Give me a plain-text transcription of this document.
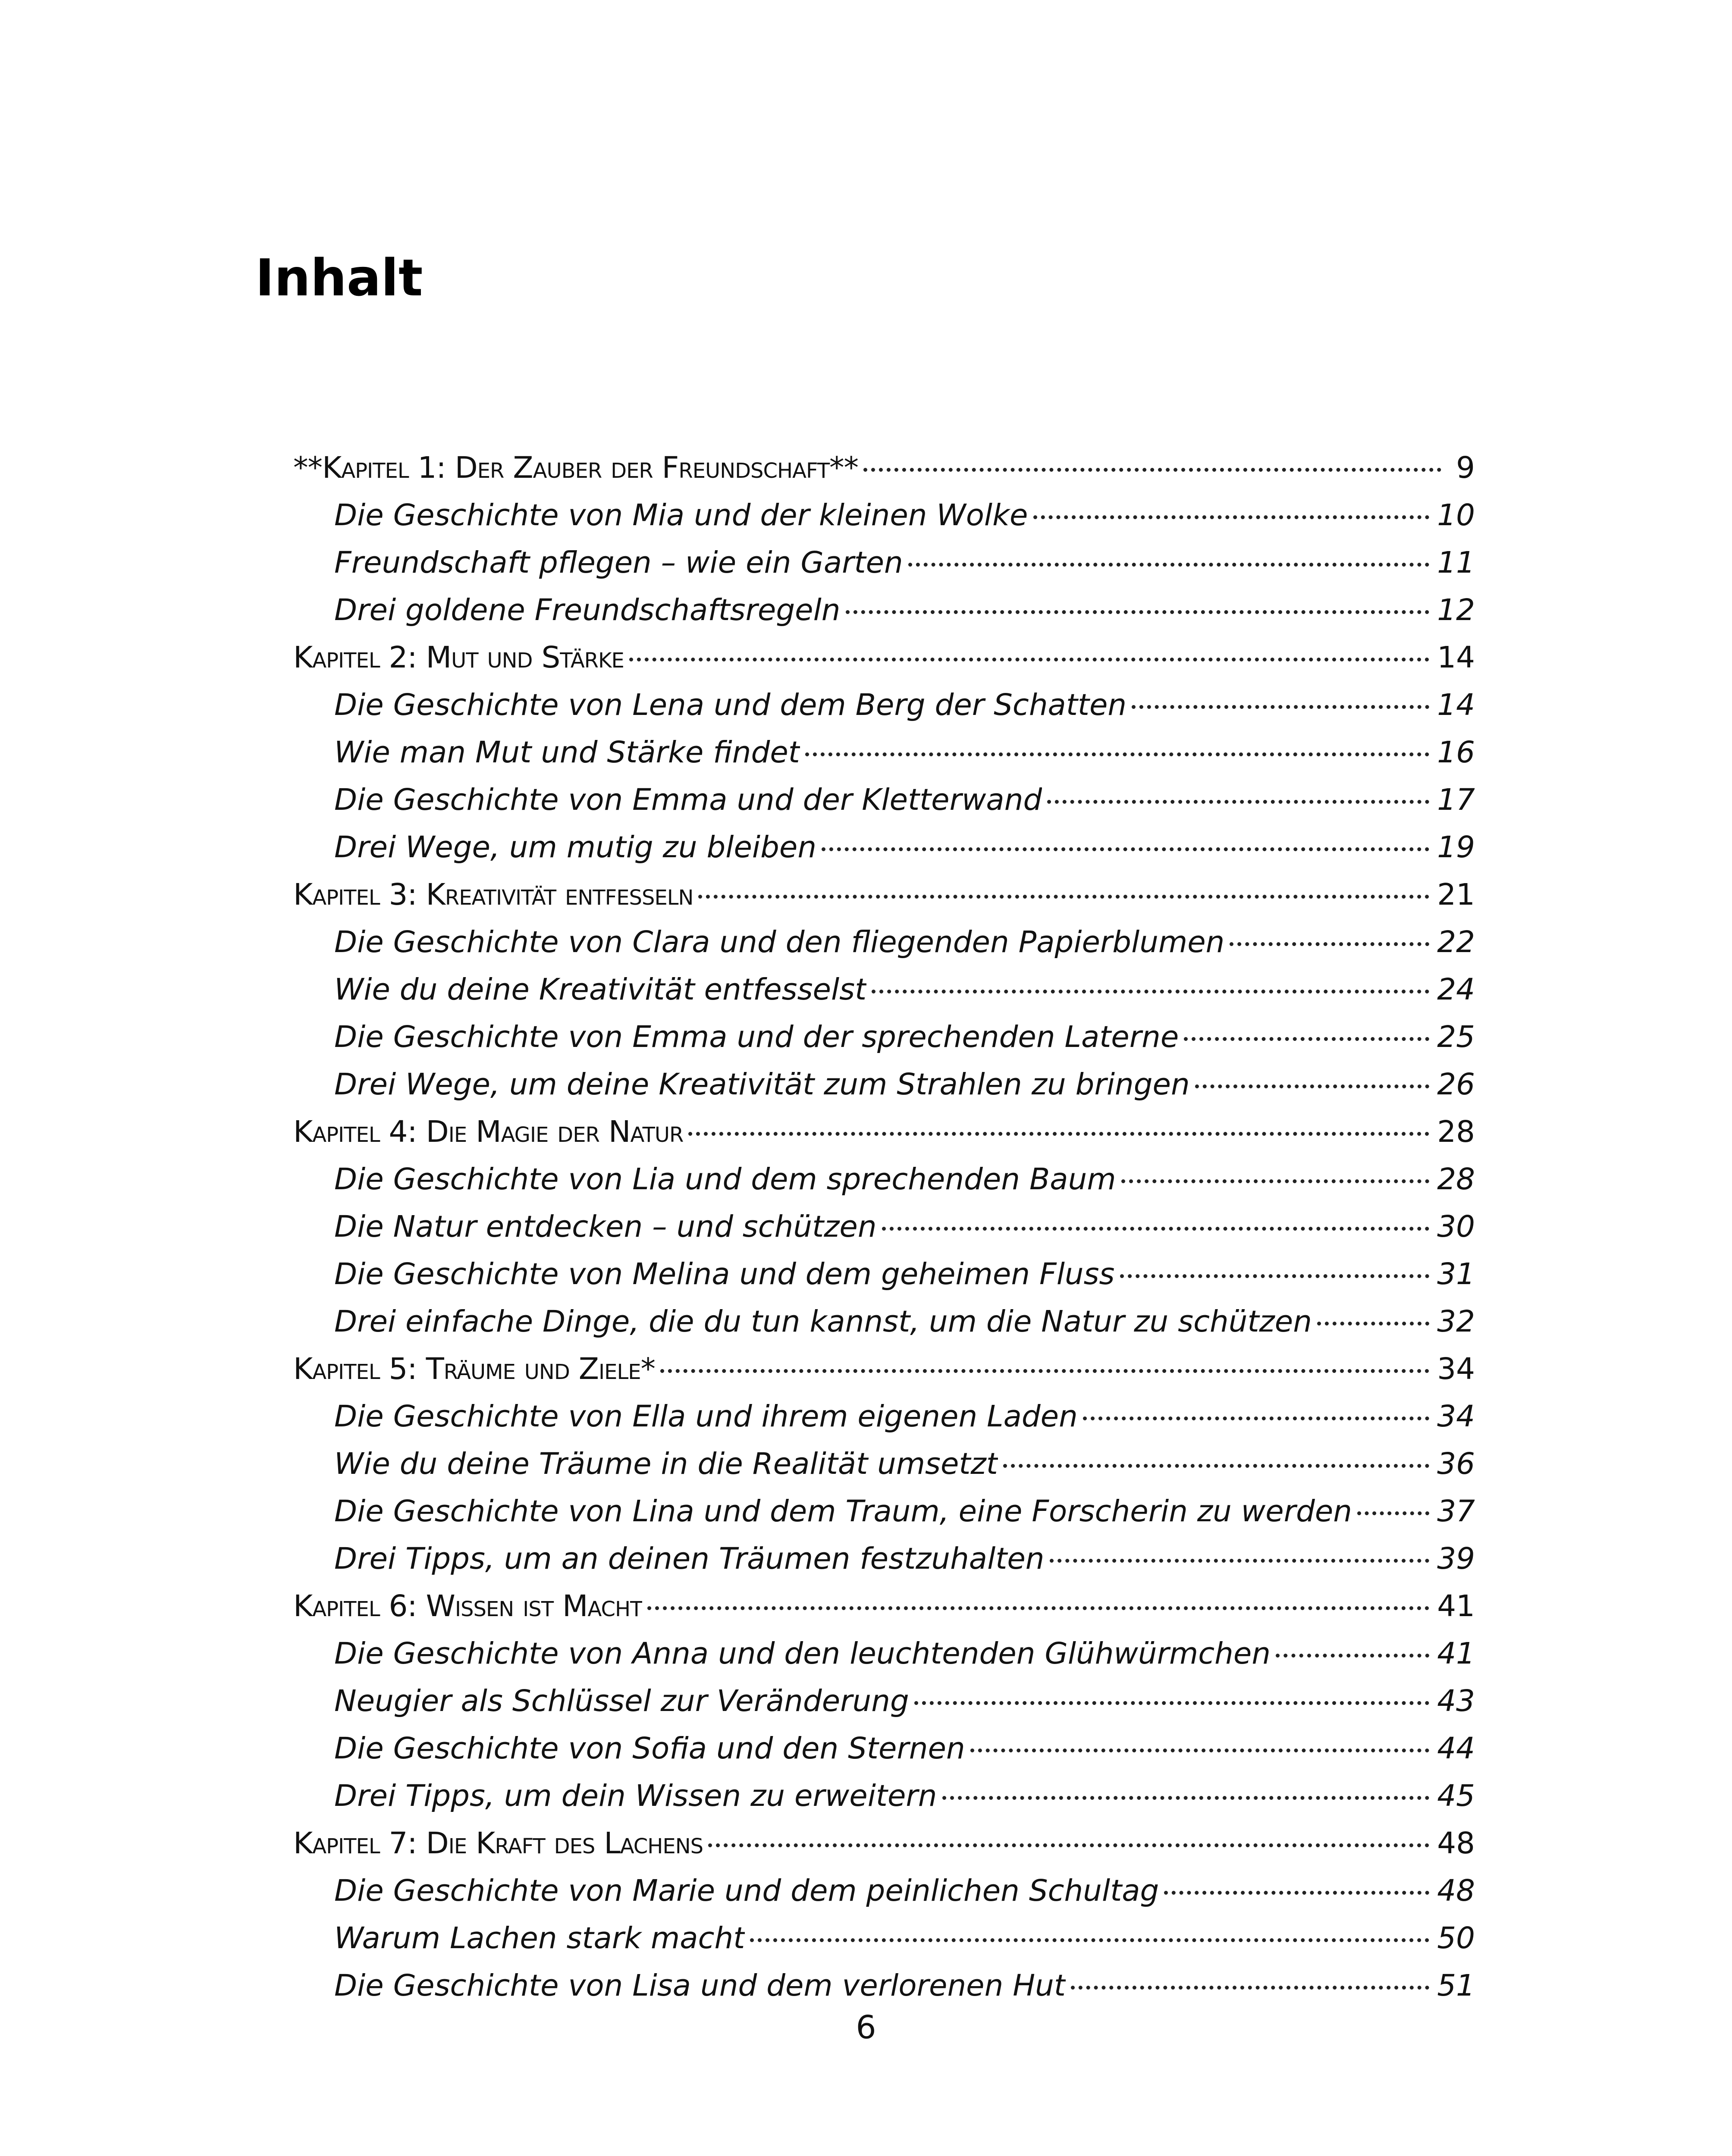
Inhalt
**Kapitel 1: Der Zauber der Freundschaft**	9
Die Geschichte von Mia und der kleinen Wolke	10
Freundschaft pflegen – wie ein Garten	11
Drei goldene Freundschaftsregeln	12
Kapitel 2: Mut und Stärke	14
Die Geschichte von Lena und dem Berg der Schatten	14
Wie man Mut und Stärke findet	16
Die Geschichte von Emma und der Kletterwand	17
Drei Wege, um mutig zu bleiben	19
Kapitel 3: Kreativität entfesseln	21
Die Geschichte von Clara und den fliegenden Papierblumen	22
Wie du deine Kreativität entfesselst	24
Die Geschichte von Emma und der sprechenden Laterne	25
Drei Wege, um deine Kreativität zum Strahlen zu bringen	26
Kapitel 4: Die Magie der Natur	28
Die Geschichte von Lia und dem sprechenden Baum	28
Die Natur entdecken – und schützen	30
Die Geschichte von Melina und dem geheimen Fluss	31
Drei einfache Dinge, die du tun kannst, um die Natur zu schützen	32
Kapitel 5: Träume und Ziele*	34
Die Geschichte von Ella und ihrem eigenen Laden	34
Wie du deine Träume in die Realität umsetzt	36
Die Geschichte von Lina und dem Traum, eine Forscherin zu werden	37
Drei Tipps, um an deinen Träumen festzuhalten	39
Kapitel 6: Wissen ist Macht	41
Die Geschichte von Anna und den leuchtenden Glühwürmchen	41
Neugier als Schlüssel zur Veränderung	43
Die Geschichte von Sofia und den Sternen	44
Drei Tipps, um dein Wissen zu erweitern	45
Kapitel 7: Die Kraft des Lachens	48
Die Geschichte von Marie und dem peinlichen Schultag	48
Warum Lachen stark macht	50
Die Geschichte von Lisa und dem verlorenen Hut	51
6
